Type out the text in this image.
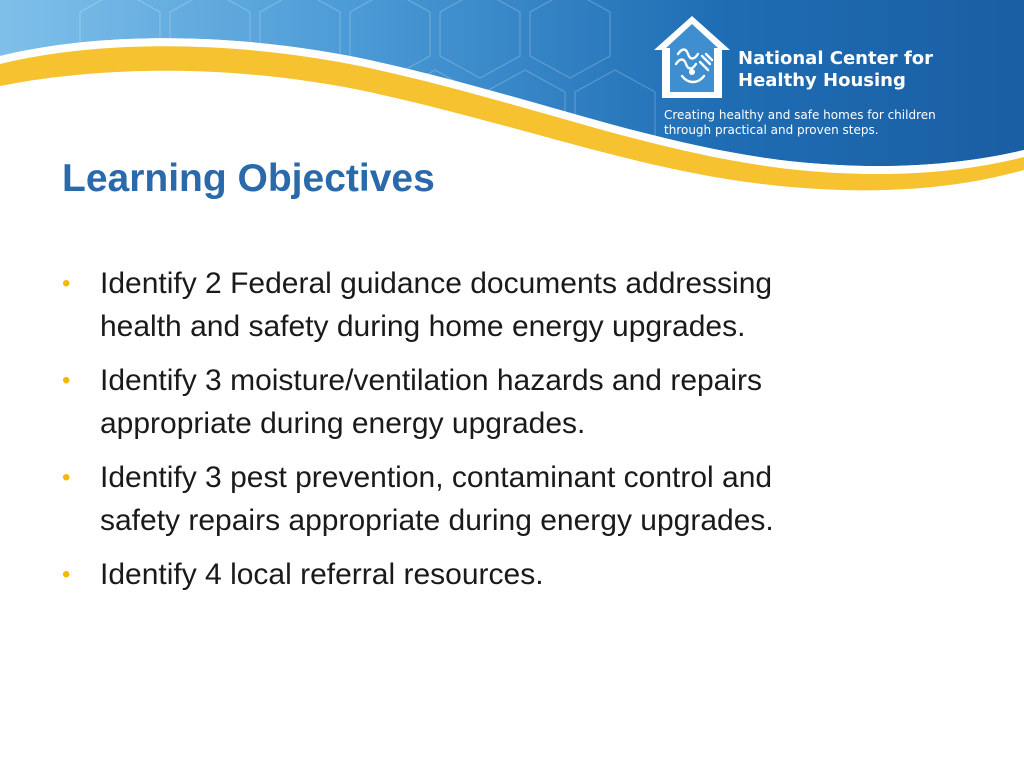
National Center for
Healthy Housing

Creating healthy and safe homes for children
through practical and proven steps.

Learning Objectives
• Identify 2 Federal guidance documents addressing
health and safety during home energy upgrades.
• Identify 3 moisture/ventilation hazards and repairs
appropriate during energy upgrades.
• Identify 3 pest prevention, contaminant control and
safety repairs appropriate during energy upgrades.
• Identify 4 local referral resources.
